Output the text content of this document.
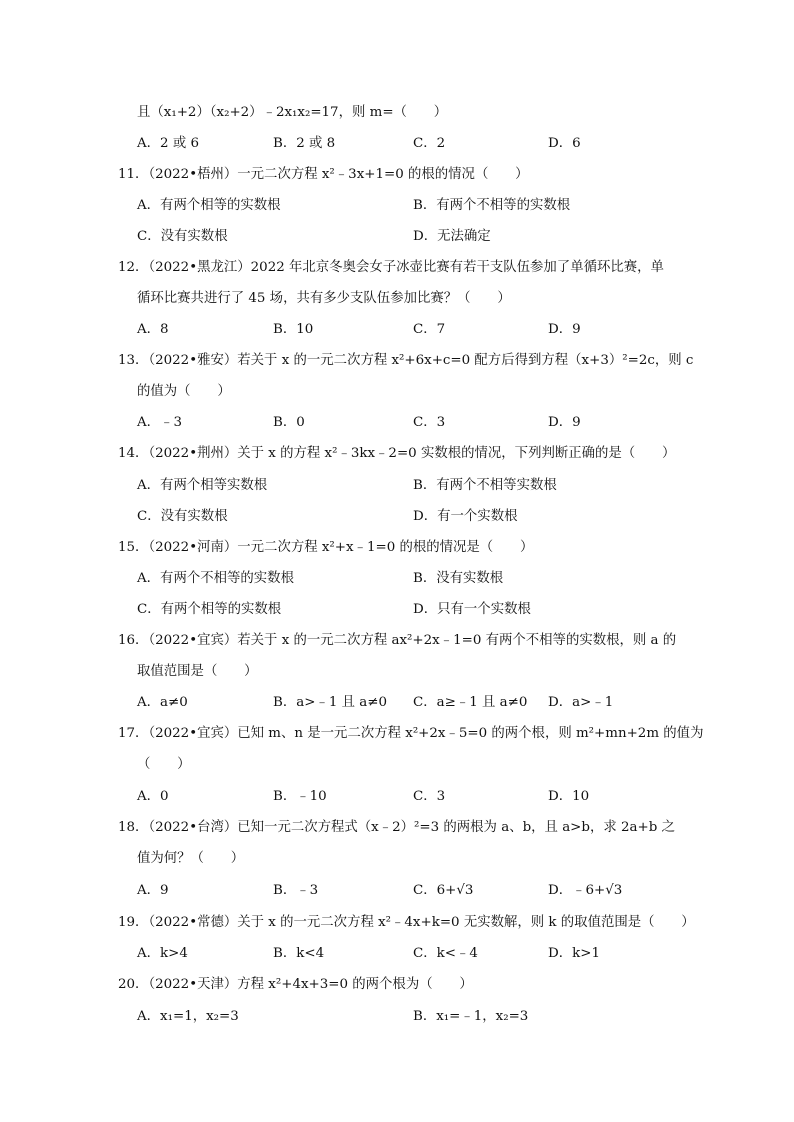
且（x₁+2）（x₂+2）﹣2x₁x₂=17，则 m=（　　）
A．2 或 6	B．2 或 8	C．2	D．6
11．（2022•梧州）一元二次方程 x²﹣3x+1=0 的根的情况（　　）
A．有两个相等的实数根	B．有两个不相等的实数根
C．没有实数根	D．无法确定
12．（2022•黑龙江）2022 年北京冬奥会女子冰壶比赛有若干支队伍参加了单循环比赛，单
循环比赛共进行了 45 场，共有多少支队伍参加比赛？（　　）
A．8	B．10	C．7	D．9
13．（2022•雅安）若关于 x 的一元二次方程 x²+6x+c=0 配方后得到方程（x+3）²=2c，则 c
的值为（　　）
A．﹣3	B．0	C．3	D．9
14．（2022•荆州）关于 x 的方程 x²﹣3kx﹣2=0 实数根的情况，下列判断正确的是（　　）
A．有两个相等实数根	B．有两个不相等实数根
C．没有实数根	D．有一个实数根
15．（2022•河南）一元二次方程 x²+x﹣1=0 的根的情况是（　　）
A．有两个不相等的实数根	B．没有实数根
C．有两个相等的实数根	D．只有一个实数根
16．（2022•宜宾）若关于 x 的一元二次方程 ax²+2x﹣1=0 有两个不相等的实数根，则 a 的
取值范围是（　　）
A．a≠0	B．a>﹣1 且 a≠0 C．a≥﹣1 且 a≠0 D．a>﹣1
17．（2022•宜宾）已知 m、n 是一元二次方程 x²+2x﹣5=0 的两个根，则 m²+mn+2m 的值为
（　　）
A．0	B．﹣10	C．3	D．10
18．（2022•台湾）已知一元二次方程式（x﹣2）²=3 的两根为 a、b，且 a>b，求 2a+b 之
值为何？（　　）
A．9	B．﹣3	C．6+√3	D．﹣6+√3
19．（2022•常德）关于 x 的一元二次方程 x²﹣4x+k=0 无实数解，则 k 的取值范围是（　　）
A．k>4	B．k<4	C．k<﹣4	D．k>1
20．（2022•天津）方程 x²+4x+3=0 的两个根为（　　）
A．x₁=1，x₂=3	B．x₁=﹣1，x₂=3
